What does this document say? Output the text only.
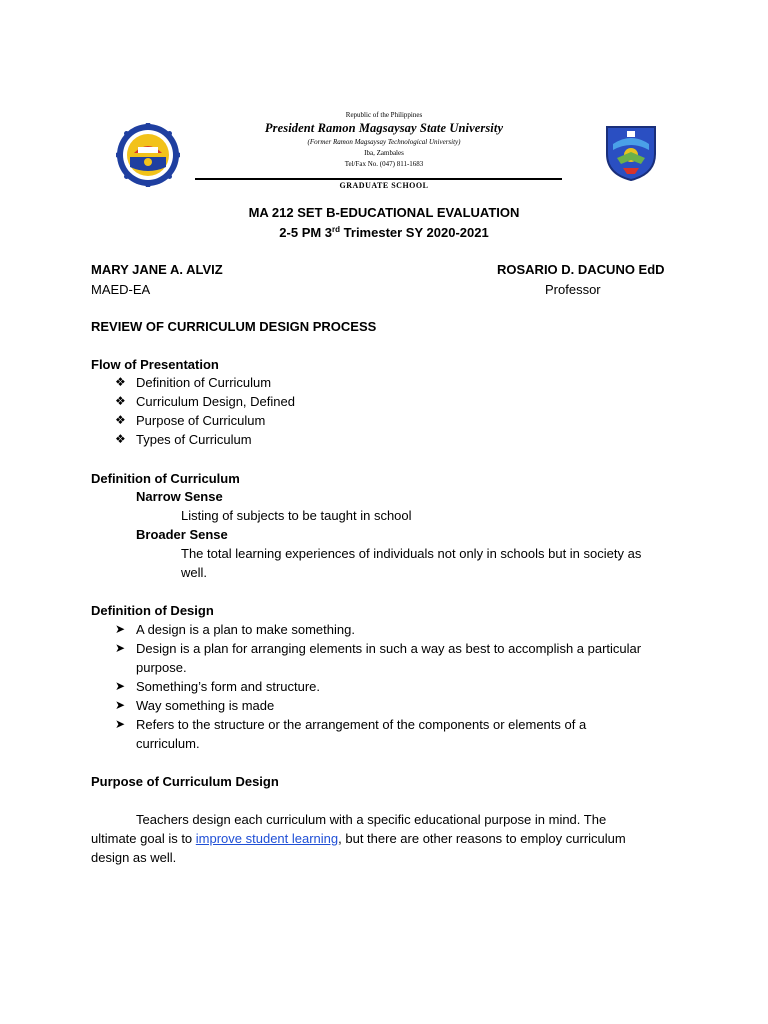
Republic of the Philippines
President Ramon Magsaysay State University
(Former Ramon Magsaysay Technological University)
Iba, Zambales
Tel/Fax No. (047) 811-1683
GRADUATE SCHOOL
MA 212 SET B-EDUCATIONAL EVALUATION
2-5 PM 3rd Trimester SY 2020-2021
MARY JANE A. ALVIZ
MAED-EA
ROSARIO D. DACUNO EdD
Professor
REVIEW OF CURRICULUM DESIGN PROCESS
Flow of Presentation
❖ Definition of Curriculum
❖ Curriculum Design, Defined
❖ Purpose of Curriculum
❖ Types of Curriculum
Definition of Curriculum
Narrow Sense
Listing of subjects to be taught in school
Broader Sense
The total learning experiences of individuals not only in schools but in society as
well.
Definition of Design
➤ A design is a plan to make something.
➤ Design is a plan for arranging elements in such a way as best to accomplish a particular
purpose.
➤ Something’s form and structure.
➤ Way something is made
➤ Refers to the structure or the arrangement of the components or elements of a
curriculum.
Purpose of Curriculum Design
Teachers design each curriculum with a specific educational purpose in mind. The
ultimate goal is to improve student learning, but there are other reasons to employ curriculum
design as well.
